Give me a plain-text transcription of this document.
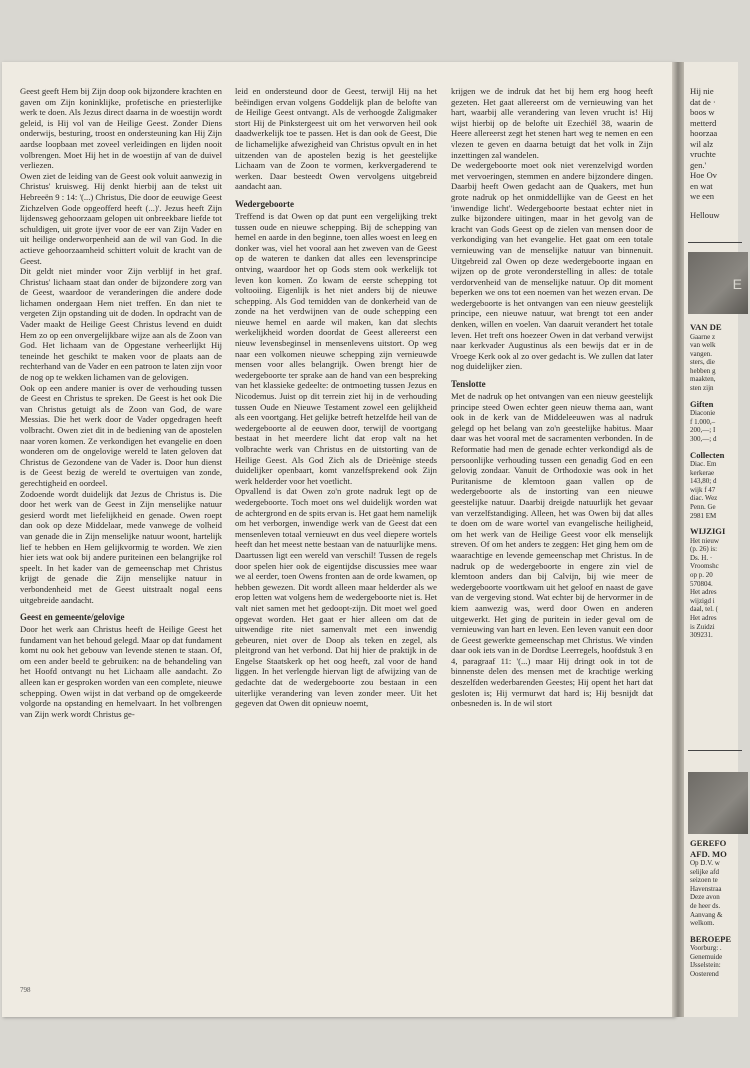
Geest geeft Hem bij Zijn doop ook bijzondere krachten en gaven om Zijn koninklijke, profetische en priesterlijke werk te doen. Als Jezus direct daarna in de woestijn wordt geleid, is Hij vol van de Heilige Geest. Zonder Diens onderwijs, besturing, troost en ondersteuning kan Hij Zijn aardse loopbaan met zoveel verleidingen en lijden nooit volbrengen. Moet Hij het in de woestijn af van de duivel verliezen.

Owen ziet de leiding van de Geest ook voluit aanwezig in Christus' kruisweg. Hij denkt hierbij aan de tekst uit Hebreeën 9 : 14: '(...) Christus, Die door de eeuwige Geest Zichzelven Gode opgeofferd heeft (...)'. Jezus heeft Zijn lijdensweg gehoorzaam gelopen uit onbreekbare liefde tot schuldigen, uit grote ijver voor de eer van Zijn Vader en uit heilige onderworpenheid aan de wil van God. In die actieve gehoorzaamheid schittert voluit de kracht van de Geest.

Dit geldt niet minder voor Zijn verblijf in het graf. Christus' lichaam staat dan onder de bijzondere zorg van de Geest, waardoor de veranderingen die andere dode lichamen ondergaan Hem niet treffen. En dan niet te vergeten Zijn opstanding uit de doden. In opdracht van de Vader maakt de Heilige Geest Christus levend en duidt Hem zo op een onvergelijkbare wijze aan als de Zoon van God. Het lichaam van de Opgestane verheerlijkt Hij teneinde het geschikt te maken voor de plaats aan de rechterhand van de Vader en een patroon te laten zijn voor de nog op te wekken lichamen van de gelovigen.

Ook op een andere manier is over de verhouding tussen de Geest en Christus te spreken. De Geest is het ook Die van Christus getuigt als de Zoon van God, de ware Messias. Die het werk door de Vader opgedragen heeft volbracht. Owen ziet dit in de bediening van de apostelen naar voren komen. Ze verkondigen het evangelie en doen wonderen om de ongelovige wereld te laten geloven dat Christus de Gezondene van de Vader is. Door hun dienst is de Geest bezig de wereld te overtuigen van zonde, gerechtigheid en oordeel.

Zodoende wordt duidelijk dat Jezus de Christus is. Die door het werk van de Geest in Zijn menselijke natuur gesierd wordt met liefelijkheid en genade. Owen roept dan ook op deze Middelaar, mede vanwege de volheid van genade die in Zijn menselijke natuur woont, hartelijk lief te hebben en Hem gelijkvormig te worden. We zien hier iets wat ook bij andere puriteinen een belangrijke rol speelt. In het kader van de gemeenschap met Christus krijgt de genade die Zijn menselijke natuur in verbondenheid met de Geest uitstraalt nogal eens uitgebreide aandacht.

Geest en gemeente/gelovige

Door het werk aan Christus heeft de Heilige Geest het fundament van het behoud gelegd. Maar op dat fundament komt nu ook het gebouw van levende stenen te staan. Of, om een ander beeld te gebruiken: na de behandeling van het Hoofd ontvangt nu het Lichaam alle aandacht. Zo alleen kan er gesproken worden van een complete, nieuwe schepping. Owen wijst in dat verband op de omgekeerde volgorde na opstanding en hemelvaart. In het volbrengen van Zijn werk wordt Christus ge-

leid en ondersteund door de Geest, terwijl Hij na het beëindigen ervan volgens Goddelijk plan de belofte van de Heilige Geest ontvangt. Als de verhoogde Zaligmaker stort Hij de Pinkstergeest uit om het verworven heil ook daadwerkelijk toe te passen. Het is dan ook de Geest, Die de lichamelijke afwezigheid van Christus opvult en in het uitzenden van de apostelen bezig is het geestelijke Lichaam van de Zoon te vormen, kerkvergaderend te werken. Daar besteedt Owen vervolgens uitgebreid aandacht aan.

Wedergeboorte

Treffend is dat Owen op dat punt een vergelijking trekt tussen oude en nieuwe schepping. Bij de schepping van hemel en aarde in den beginne, toen alles woest en leeg en donker was, viel het vooral aan het zweven van de Geest op de wateren te danken dat alles een levensprincipe ontving, waardoor het op Gods stem ook werkelijk tot leven kon komen. Zo kwam de eerste schepping tot voltooiing. Eigenlijk is het niet anders bij de nieuwe schepping. Als God temidden van de donkerheid van de zonde na het verdwijnen van de oude schepping een nieuwe hemel en aarde wil maken, kan dat slechts werkelijkheid worden doordat de Geest allereerst een nieuw levensbeginsel in mensenlevens uitstort. Op weg naar een volkomen nieuwe schepping zijn vernieuwde mensen voor alles belangrijk. Owen brengt hier de wedergeboorte ter sprake aan de hand van een bespreking van het klassieke gedeelte: de ontmoeting tussen Jezus en Nicodemus. Juist op dit terrein ziet hij in de verhouding tussen Oude en Nieuwe Testament zowel een gelijkheid als een voortgang. Het gelijke betreft hetzelfde heil van de wedergeboorte al de eeuwen door, terwijl de voortgang bestaat in het meerdere licht dat erop valt na het volbrachte werk van Christus en de uitstorting van de Heilige Geest. Als God Zich als de Drieënige steeds duidelijker openbaart, komt vanzelfsprekend ook Zijn werk helderder voor het voetlicht.

Opvallend is dat Owen zo'n grote nadruk legt op de wedergeboorte. Toch moet ons wel duidelijk worden wat de achtergrond en de spits ervan is. Het gaat hem namelijk om het verborgen, inwendige werk van de Geest dat een mensenleven totaal vernieuwt en dus veel diepere wortels heeft dan het meest nette bestaan van de natuurlijke mens. Daartussen ligt een wereld van verschil! Tussen de regels door spelen hier ook de eigentijdse discussies mee waar we al eerder, toen Owens fronten aan de orde kwamen, op hebben gewezen. Dit wordt alleen maar helderder als we erop letten wat volgens hem de wedergeboorte niet is. Het valt niet samen met het gedoopt-zijn. Dit moet wel goed opgevat worden. Het gaat er hier alleen om dat de uitwendige rite niet samenvalt met een inwendig gebeuren, niet over de Doop als teken en zegel, als pleitgrond van het verbond. Dat hij hier de praktijk in de Engelse Staatskerk op het oog heeft, zal voor de hand liggen. In het verlengde hiervan ligt de afwijzing van de gedachte dat de wedergeboorte zou bestaan in een uiterlijke verandering van leven zonder meer. Uit het gegeven dat Owen dit opnieuw noemt,

krijgen we de indruk dat het bij hem erg hoog heeft gezeten. Het gaat allereerst om de vernieuwing van het hart, waarbij alle verandering van leven vrucht is! Hij wijst hierbij op de belofte uit Ezechiël 38, waarin de Heere allereerst zegt het stenen hart weg te nemen en een vlezen te geven en daarna betuigt dat het volk in Zijn inzettingen zal wandelen.

De wedergeboorte moet ook niet verenzelvigd worden met vervoeringen, stemmen en andere bijzondere dingen. Daarbij heeft Owen gedacht aan de Quakers, met hun grote nadruk op het onmiddellijke van de Geest en het 'inwendige licht'. Wedergeboorte bestaat echter niet in zulke bijzondere uitingen, maar in het gevolg van de kracht van Gods Geest op de zielen van mensen door de verkondiging van het evangelie. Het gaat om een totale vernieuwing van de menselijke natuur van binnenuit. Uitgebreid zal Owen op deze wedergeboorte ingaan en wijzen op de grote veronderstelling in alles: de totale verdorvenheid van de menselijke natuur. Op dit moment beperken we ons tot een noemen van het wezen ervan. De wedergeboorte is het ontvangen van een nieuw geestelijk principe, een nieuwe natuur, wat brengt tot een ander denken, willen en voelen. Van daaruit verandert het totale leven. Het treft ons hoezeer Owen in dat verband verwijst naar kerkvader Augustinus als een bewijs dat er in de Vroege Kerk ook al zo over gedacht is. We zullen dat later nog duidelijker zien.

Tenslotte

Met de nadruk op het ontvangen van een nieuw geestelijk principe steed Owen echter geen nieuw thema aan, want ook in de kerk van de Middeleeuwen was al nadruk gelegd op het belang van zo'n geestelijke habitus. Maar daar was het vooral met de sacramenten verbonden. In de Reformatie had men de genade echter verkondigd als de persoonlijke verhouding tussen een genadig God en een gelovig zondaar. Vanuit de Orthodoxie was ook in het Puritanisme de klemtoon gaan vallen op de wedergeboorte als de instorting van een nieuwe geestelijke natuur. Daarbij dreigde natuurlijk het gevaar van verzelfstandiging. Alleen, het was Owen bij dat alles te doen om de ware wortel van evangelische heiligheid, om het werk van de Heilige Geest voor elk menselijk streven. Of om het anders te zeggen: Het ging hem om de waarachtige en levende gemeenschap met Christus. In de nadruk op de wedergeboorte in engere zin viel de klemtoon anders dan bij Calvijn, bij wie meer de wedergeboorte voortkwam uit het geloof en naast de gave van de vergeving stond. Wat echter bij de hervormer in de kiem aanwezig was, werd door Owen en anderen uitgewerkt. Het ging de puritein in ieder geval om de vernieuwing van hart en leven. Een leven vanuit een door de Geest gewerkte gemeenschap met Christus. We vinden daar ook iets van in de Dordtse Leerregels, hoofdstuk 3 en 4, paragraaf 11: '(...) maar Hij dringt ook in tot de binnenste delen des mensen met de krachtige werking deszelfden wederbarenden Geestes; Hij opent het hart dat gesloten is; Hij vermurwt dat hard is; Hij besnijdt dat onbesneden is. In de wil stort

798
Hij nie
dat de ·
boos w
metterd
hoorzaa
wil alz
vruchte
gen.'
Hoe Ov
en wat
we een
Hellouw
E
VAN DE
Gaarne z
van welk
vangen.
sters, die
hebben g
maakten,
sten zijn
Giften
Diaconie
f 1.000,–
200,—; I
300,—; d
Collecten
Diac. Em
kerkerae
143,80; d
wijk f 47
diac. Wez
Penn. Ge
2981 EM
WIJZIGI
Het nieuw
(p. 26) is:
Ds. H. ·
Vroomshc
op p. 20
570804.
Het adres
wijzigd i
daal, tel. (
Het adres
is Zuidzi
309231.
GEREFO
AFD. MO
Op D.V. w
selijke afd
seizoen te
Havenstraa
Deze avon
de heer ds.
Aanvang &
welkom.
BEROEPE
Voorburg: .
Genemuide
IJsselstein:
Oosterend
